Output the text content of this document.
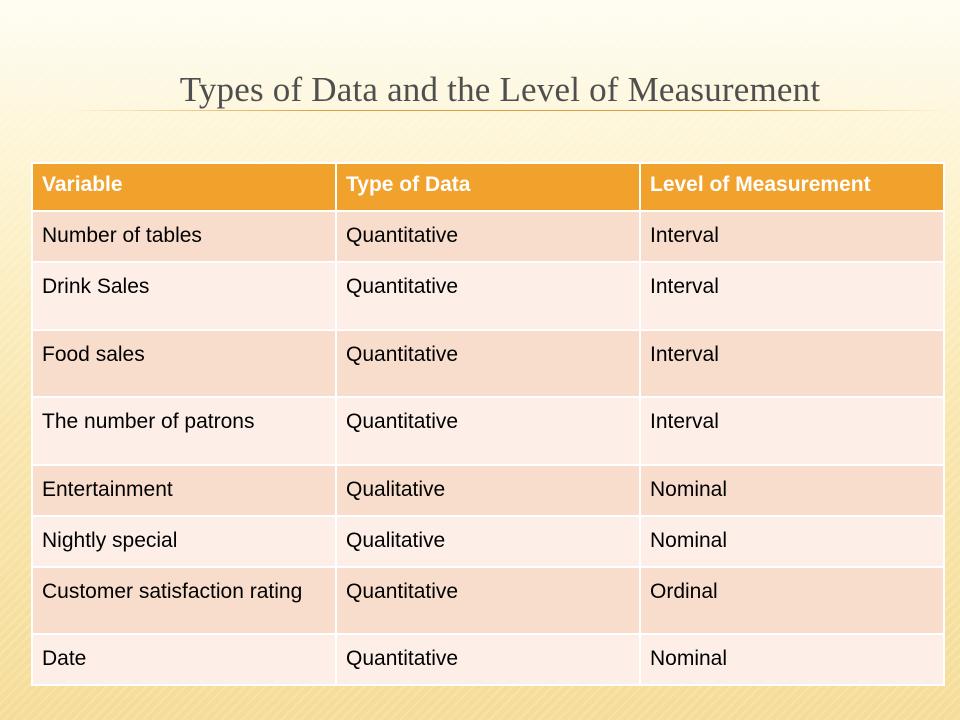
Types of Data and the Level of Measurement
Variable	Type of Data	Level of Measurement
Number of tables	Quantitative	Interval
Drink Sales	Quantitative	Interval
Food sales	Quantitative	Interval
The number of patrons	Quantitative	Interval
Entertainment	Qualitative	Nominal
Nightly special	Qualitative	Nominal
Customer satisfaction rating	Quantitative	Ordinal
Date	Quantitative	Nominal
